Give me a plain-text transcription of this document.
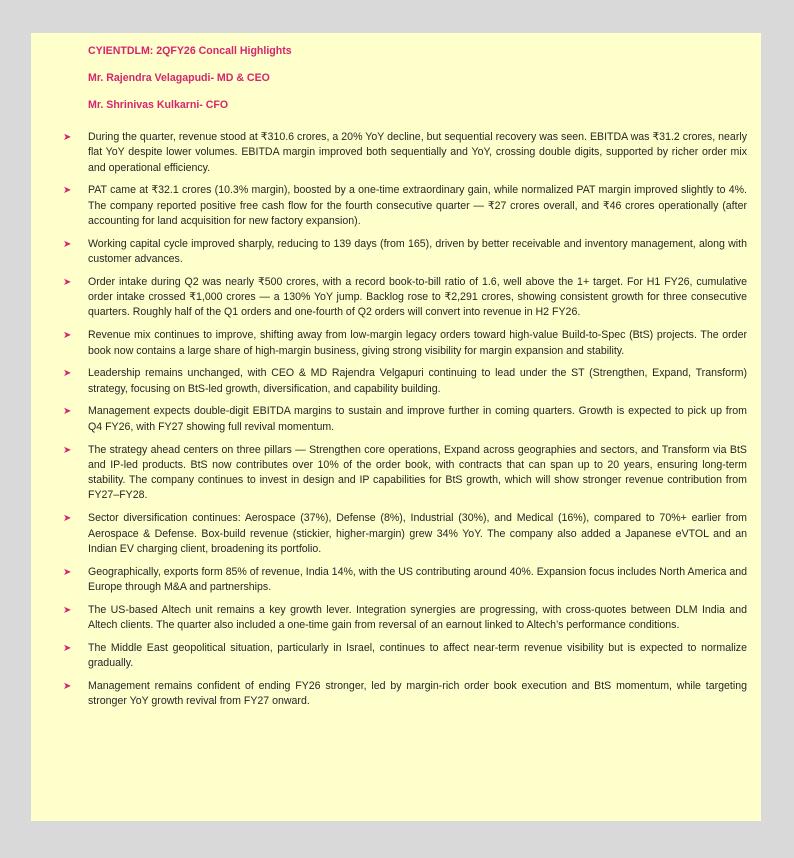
CYIENTDLM: 2QFY26 Concall Highlights
Mr. Rajendra Velagapudi- MD & CEO
Mr. Shrinivas Kulkarni- CFO
➤ During the quarter, revenue stood at ₹310.6 crores, a 20% YoY decline, but sequential recovery was seen. EBITDA was ₹31.2 crores, nearly flat YoY despite lower volumes. EBITDA margin improved both sequentially and YoY, crossing double digits, supported by richer order mix and operational efficiency.
➤ PAT came at ₹32.1 crores (10.3% margin), boosted by a one-time extraordinary gain, while normalized PAT margin improved slightly to 4%. The company reported positive free cash flow for the fourth consecutive quarter — ₹27 crores overall, and ₹46 crores operationally (after accounting for land acquisition for new factory expansion).
➤ Working capital cycle improved sharply, reducing to 139 days (from 165), driven by better receivable and inventory management, along with customer advances.
➤ Order intake during Q2 was nearly ₹500 crores, with a record book-to-bill ratio of 1.6, well above the 1+ target. For H1 FY26, cumulative order intake crossed ₹1,000 crores — a 130% YoY jump. Backlog rose to ₹2,291 crores, showing consistent growth for three consecutive quarters. Roughly half of the Q1 orders and one-fourth of Q2 orders will convert into revenue in H2 FY26.
➤ Revenue mix continues to improve, shifting away from low-margin legacy orders toward high-value Build-to-Spec (BtS) projects. The order book now contains a large share of high-margin business, giving strong visibility for margin expansion and stability.
➤ Leadership remains unchanged, with CEO & MD Rajendra Velgapuri continuing to lead under the ST (Strengthen, Expand, Transform) strategy, focusing on BtS-led growth, diversification, and capability building.
➤ Management expects double-digit EBITDA margins to sustain and improve further in coming quarters. Growth is expected to pick up from Q4 FY26, with FY27 showing full revival momentum.
➤ The strategy ahead centers on three pillars — Strengthen core operations, Expand across geographies and sectors, and Transform via BtS and IP-led products. BtS now contributes over 10% of the order book, with contracts that can span up to 20 years, ensuring long-term stability. The company continues to invest in design and IP capabilities for BtS growth, which will show stronger revenue contribution from FY27–FY28.
➤ Sector diversification continues: Aerospace (37%), Defense (8%), Industrial (30%), and Medical (16%), compared to 70%+ earlier from Aerospace & Defense. Box-build revenue (stickier, higher-margin) grew 34% YoY. The company also added a Japanese eVTOL and an Indian EV charging client, broadening its portfolio.
➤ Geographically, exports form 85% of revenue, India 14%, with the US contributing around 40%. Expansion focus includes North America and Europe through M&A and partnerships.
➤ The US-based Altech unit remains a key growth lever. Integration synergies are progressing, with cross-quotes between DLM India and Altech clients. The quarter also included a one-time gain from reversal of an earnout linked to Altech’s performance conditions.
➤ The Middle East geopolitical situation, particularly in Israel, continues to affect near-term revenue visibility but is expected to normalize gradually.
➤ Management remains confident of ending FY26 stronger, led by margin-rich order book execution and BtS momentum, while targeting stronger YoY growth revival from FY27 onward.
